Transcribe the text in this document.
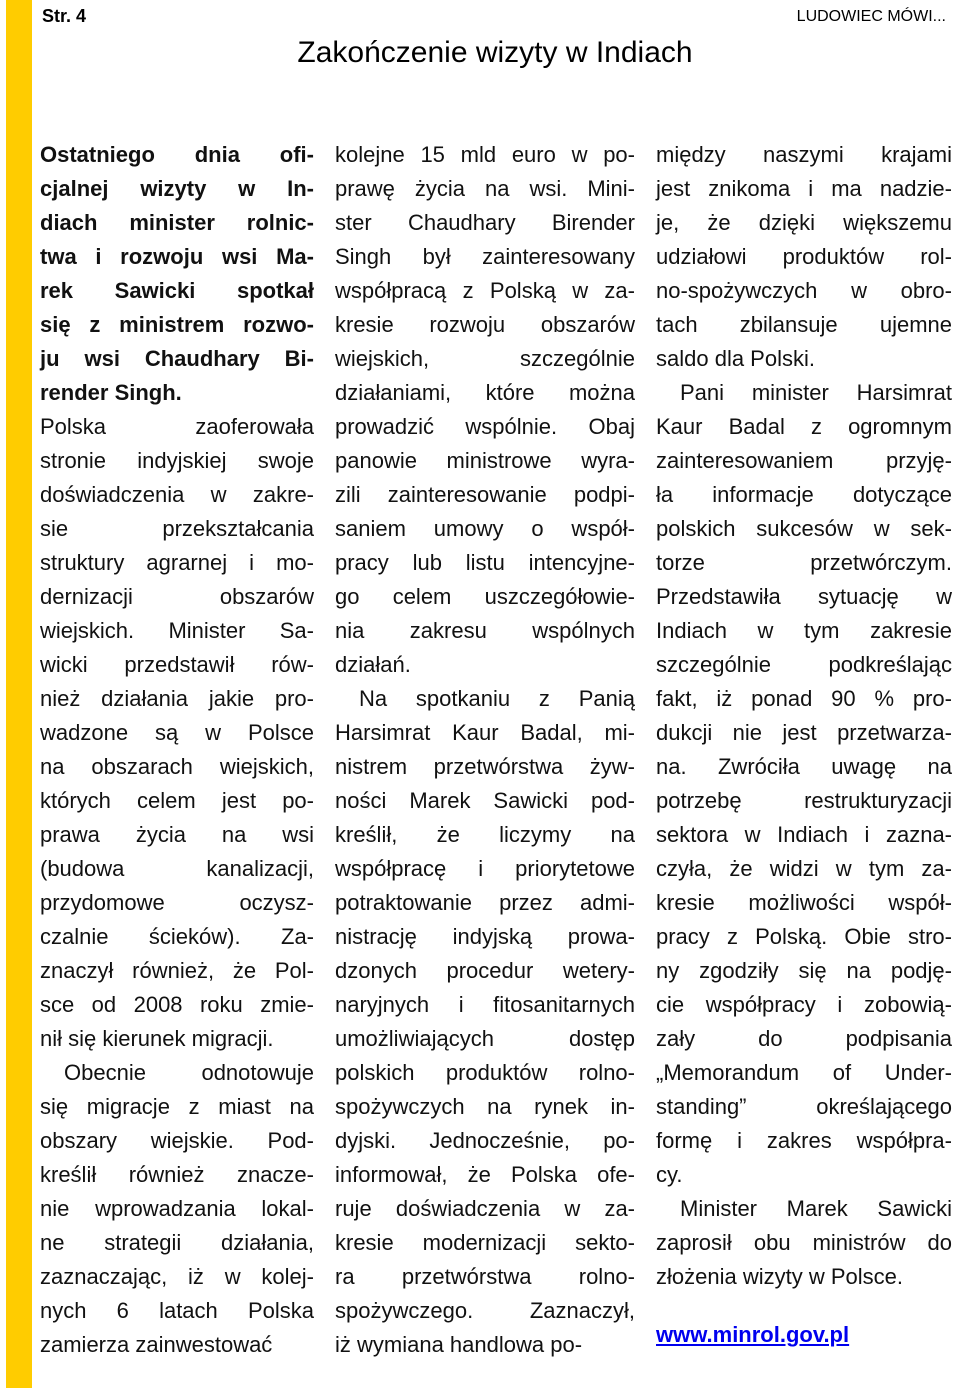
Str. 4	LUDOWIEC MÓWI...
Zakończenie wizyty w Indiach
Ostatniego dnia ofi-
cjalnej wizyty w In-
diach minister rolnic-
twa i rozwoju wsi Ma-
rek Sawicki spotkał
się z ministrem rozwo-
ju wsi Chaudhary Bi-
render Singh.
Polska zaoferowała
stronie indyjskiej swoje
doświadczenia w zakre-
sie przekształcania
struktury agrarnej i mo-
dernizacji obszarów
wiejskich. Minister Sa-
wicki przedstawił rów-
nież działania jakie pro-
wadzone są w Polsce
na obszarach wiejskich,
których celem jest po-
prawa życia na wsi
(budowa kanalizacji,
przydomowe oczysz-
czalnie ścieków). Za-
znaczył również, że Pol-
sce od 2008 roku zmie-
nił się kierunek migracji.
Obecnie odnotowuje
się migracje z miast na
obszary wiejskie. Pod-
kreślił również znacze-
nie wprowadzania lokal-
ne strategii działania,
zaznaczając, iż w kolej-
nych 6 latach Polska
zamierza zainwestować
kolejne 15 mld euro w po-
prawę życia na wsi. Mini-
ster Chaudhary Birender
Singh był zainteresowany
współpracą z Polską w za-
kresie rozwoju obszarów
wiejskich, szczególnie
działaniami, które można
prowadzić wspólnie. Obaj
panowie ministrowe wyra-
zili zainteresowanie podpi-
saniem umowy o współ-
pracy lub listu intencyjne-
go celem uszczegółowie-
nia zakresu wspólnych
działań.
Na spotkaniu z Panią
Harsimrat Kaur Badal, mi-
nistrem przetwórstwa żyw-
ności Marek Sawicki pod-
kreślił, że liczymy na
współpracę i priorytetowe
potraktowanie przez admi-
nistrację indyjską prowa-
dzonych procedur wetery-
naryjnych i fitosanitarnych
umożliwiających dostęp
polskich produktów rolno-
spożywczych na rynek in-
dyjski. Jednocześnie, po-
informował, że Polska ofe-
ruje doświadczenia w za-
kresie modernizacji sekto-
ra przetwórstwa rolno-
spożywczego. Zaznaczył,
iż wymiana handlowa po-
między naszymi krajami
jest znikoma i ma nadzie-
je, że dzięki większemu
udziałowi produktów rol-
no-spożywczych w obro-
tach zbilansuje ujemne
saldo dla Polski.
Pani minister Harsimrat
Kaur Badal z ogromnym
zainteresowaniem przyję-
ła informacje dotyczące
polskich sukcesów w sek-
torze przetwórczym.
Przedstawiła sytuację w
Indiach w tym zakresie
szczególnie podkreślając
fakt, iż ponad 90 % pro-
dukcji nie jest przetwarza-
na. Zwróciła uwagę na
potrzebę restrukturyzacji
sektora w Indiach i zazna-
czyła, że widzi w tym za-
kresie możliwości współ-
pracy z Polską. Obie stro-
ny zgodziły się na podję-
cie współpracy i zobowią-
zały do podpisania
„Memorandum of Under-
standing” określającego
formę i zakres współpra-
cy.
Minister Marek Sawicki
zaprosił obu ministrów do
złożenia wizyty w Polsce.
www.minrol.gov.pl
